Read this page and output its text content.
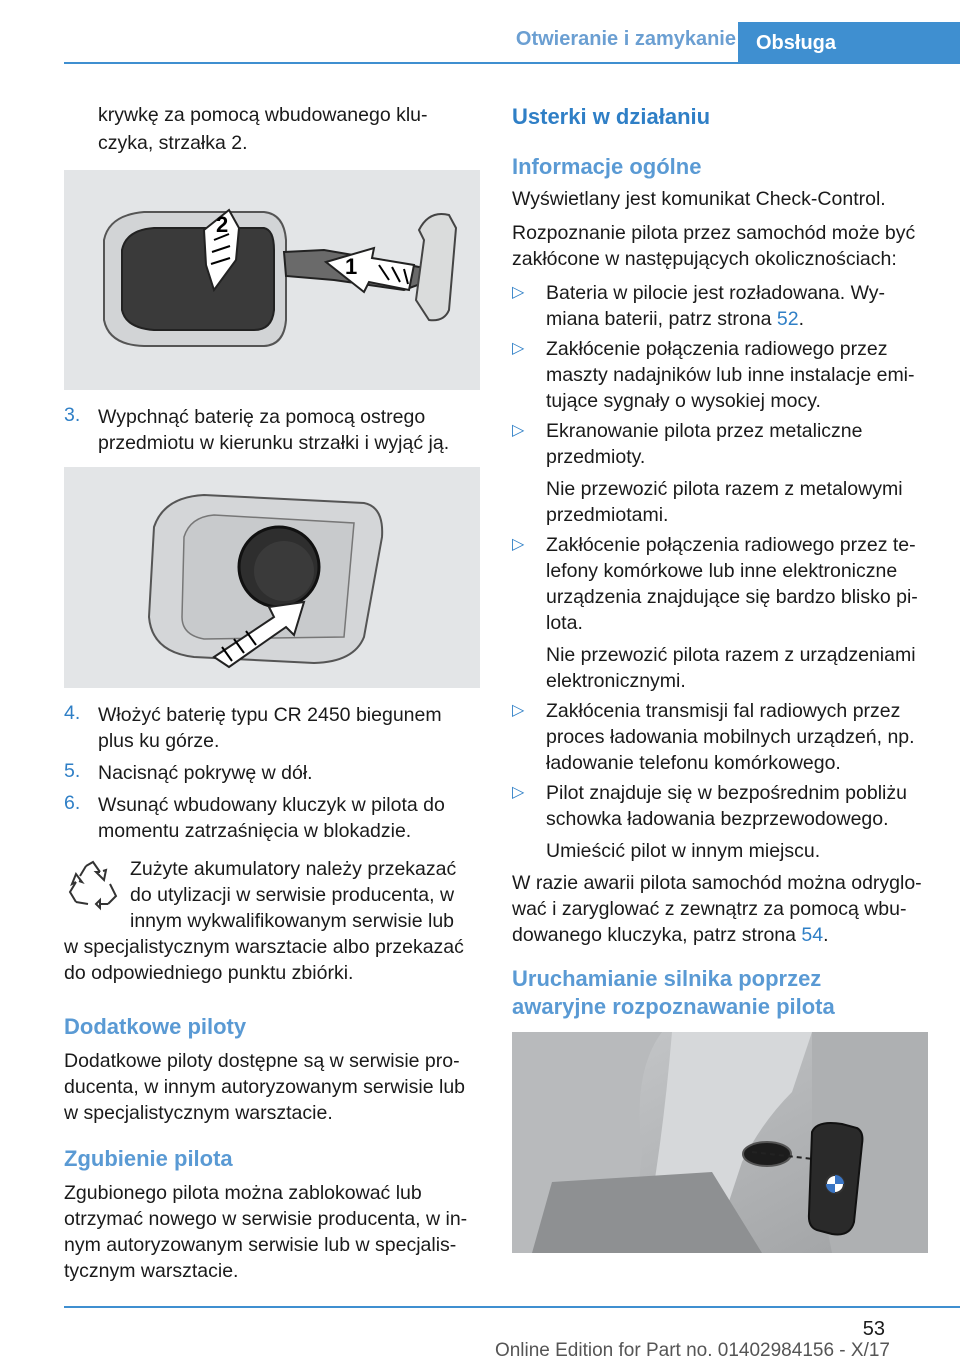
Otwieranie i zamykanie	Obsługa

krywkę za pomocą wbudowanego klu-

czyka, strzałka 2.

2
1
3. Wypchnąć baterię za pomocą ostrego

przedmiotu w kierunku strzałki i wyjąć ją.

4. Włożyć baterię typu CR 2450 biegunem

plus ku górze.

5. Nacisnąć pokrywę w dół.

6. Wsunąć wbudowany kluczyk w pilota do

momentu zatrzaśnięcia w blokadzie.

Zużyte akumulatory należy przekazać

do utylizacji w serwisie producenta, w

innym wykwalifikowanym serwisie lub

w specjalistycznym warsztacie albo przekazać

do odpowiedniego punktu zbiórki.

Dodatkowe piloty

Dodatkowe piloty dostępne są w serwisie pro-

ducenta, w innym autoryzowanym serwisie lub

w specjalistycznym warsztacie.

Zgubienie pilota

Zgubionego pilota można zablokować lub

otrzymać nowego w serwisie producenta, w in-

nym autoryzowanym serwisie lub w specjalis-

tycznym warsztacie.

Usterki w działaniu
Informacje ogólne

Wyświetlany jest komunikat Check-Control.

Rozpoznanie pilota przez samochód może być

zakłócone w następujących okolicznościach:

▷ Bateria w pilocie jest rozładowana. Wy-

miana baterii, patrz strona 52.

▷ Zakłócenie połączenia radiowego przez

maszty nadajników lub inne instalacje emi-

tujące sygnały o wysokiej mocy.

▷ Ekranowanie pilota przez metaliczne

przedmioty.

Nie przewozić pilota razem z metalowymi

przedmiotami.

▷ Zakłócenie połączenia radiowego przez te-

lefony komórkowe lub inne elektroniczne

urządzenia znajdujące się bardzo blisko pi-

lota.

Nie przewozić pilota razem z urządzeniami

elektronicznymi.

▷ Zakłócenia transmisji fal radiowych przez

proces ładowania mobilnych urządzeń, np.

ładowanie telefonu komórkowego.

▷ Pilot znajduje się w bezpośrednim pobliżu

schowka ładowania bezprzewodowego.

Umieścić pilot w innym miejscu.

W razie awarii pilota samochód można odryglo-

wać i zaryglować z zewnątrz za pomocą wbu-

dowanego kluczyka, patrz strona 54.

Uruchamianie silnika poprzez
awaryjne rozpoznawanie pilota
53
Online Edition for Part no. 01402984156 - X/17
